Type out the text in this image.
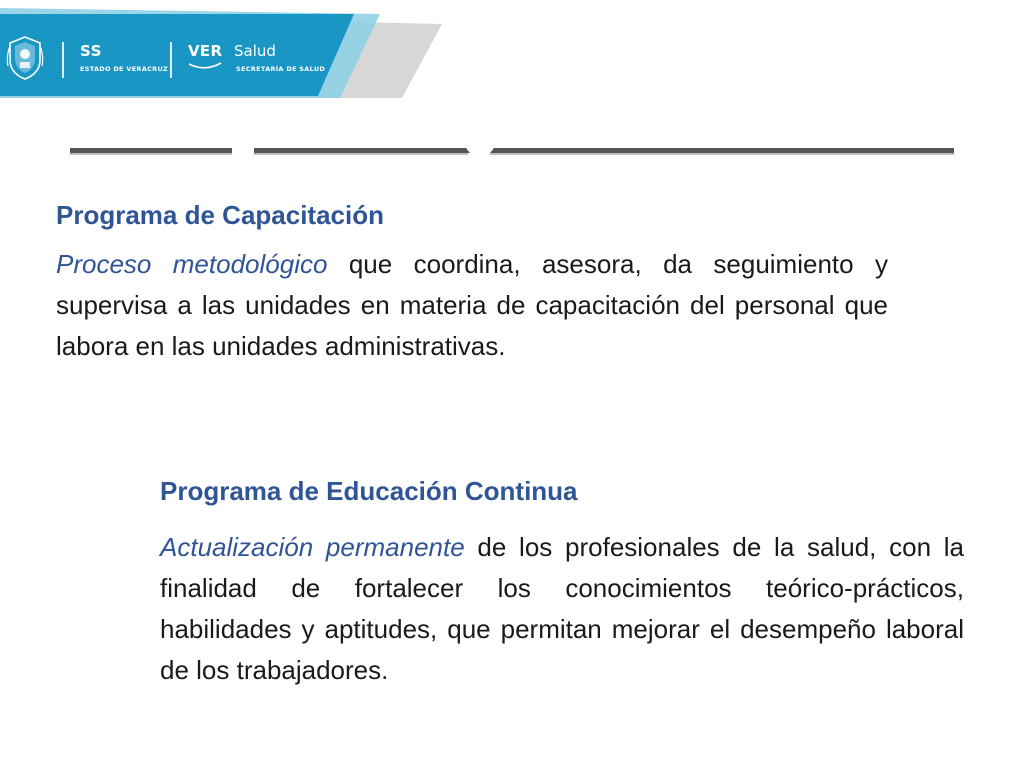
SS
ESTADO DE VERACRUZ
VER Salud
SECRETARÍA DE SALUD
Programa de Capacitación

Proceso metodológico que coordina, asesora, da seguimiento y supervisa a las unidades en materia de capacitación del personal que labora en las unidades administrativas.

Programa de Educación Continua

Actualización permanente de los profesionales de la salud, con la finalidad de fortalecer los conocimientos teórico-prácticos, habilidades y aptitudes, que permitan mejorar el desempeño laboral de los trabajadores.
